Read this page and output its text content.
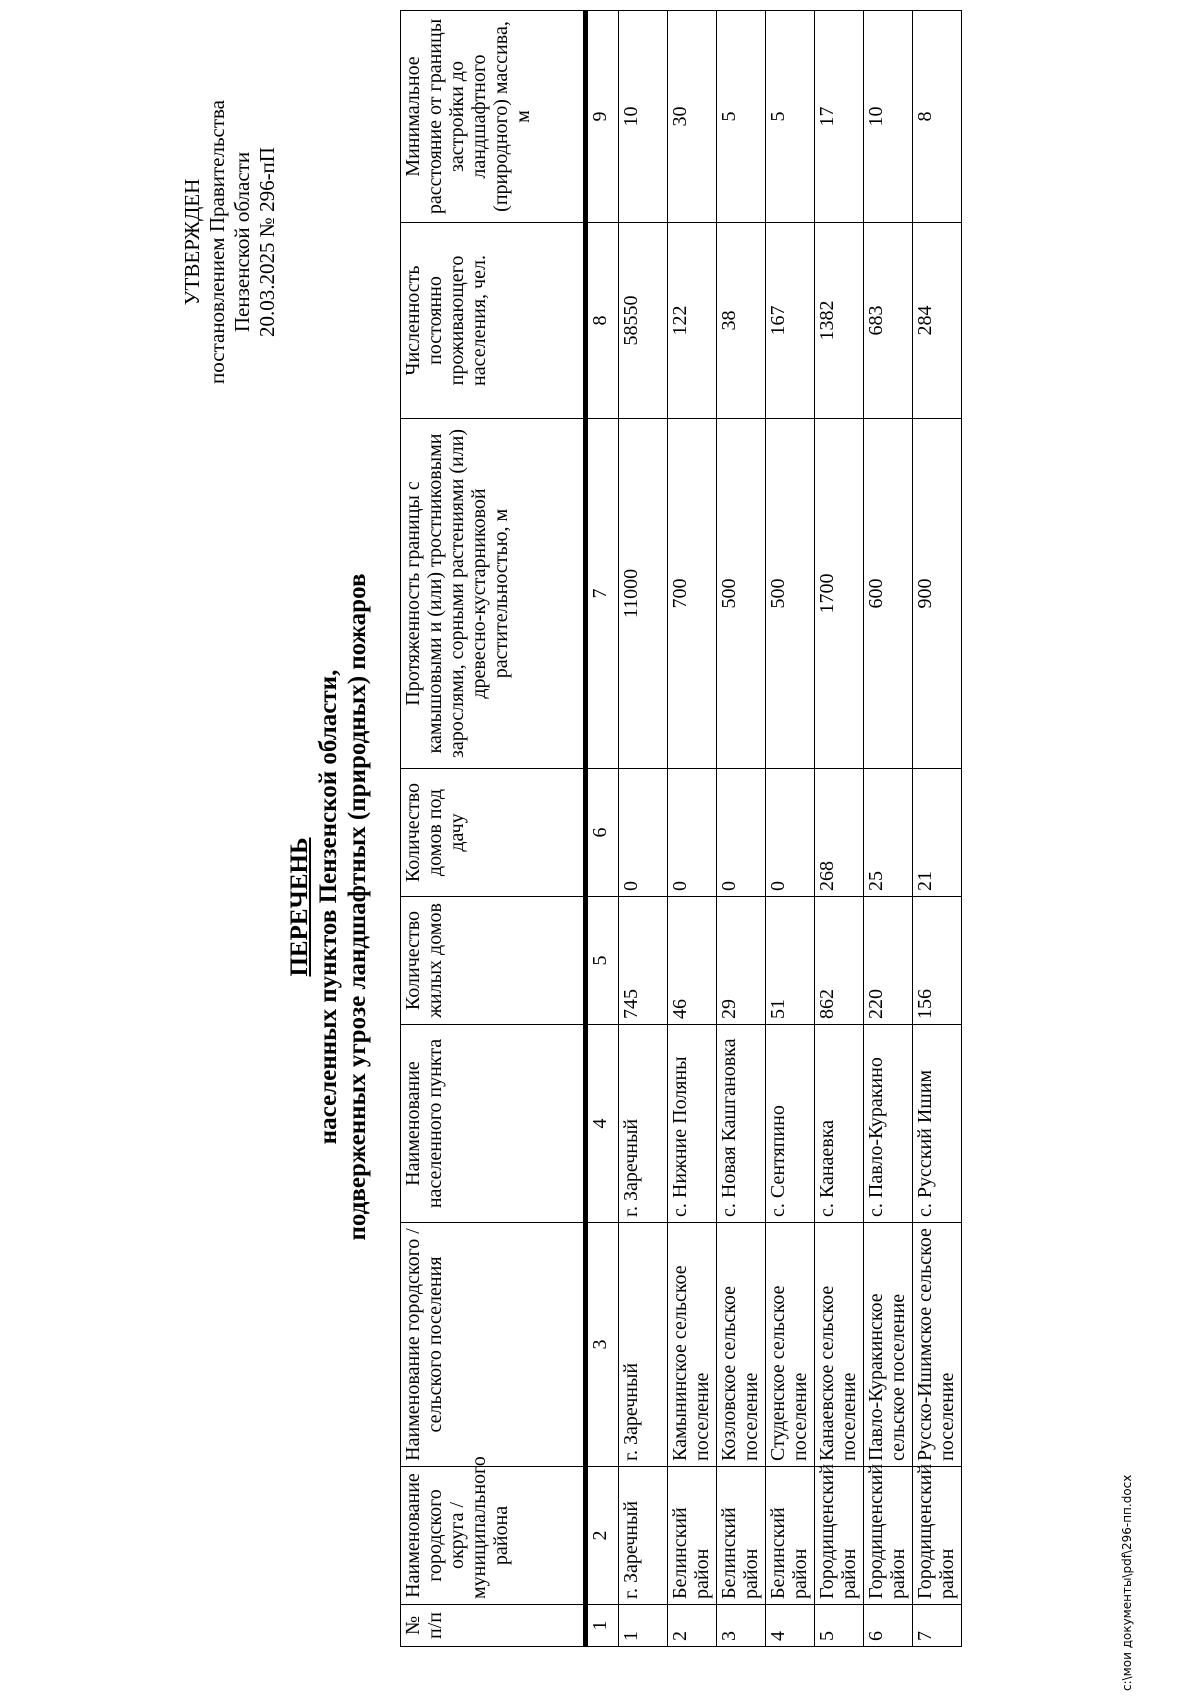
УТВЕРЖДЕН постановлением Правительства Пензенской области 20.03.2025 № 296-пП
ПЕРЕЧЕНЬ населенных пунктов Пензенской области, подверженных угрозе ландшафтных (природных) пожаров
№ п/п	Наименование городского округа / муниципального района	Наименование городского / сельского поселения	Наименование населенного пункта	Количество жилых домов	Количество домов под дачу	Протяженность границы с камышовыми и (или) тростниковыми зарослями, сорными растениями (или) древесно-кустарниковой растительностью, м	Численность постоянно проживающего населения, чел.	Минимальное расстояние от границы застройки до ландшафтного (природного) массива, м
1	2	3	4	5	6	7	8	9
1	г. Заречный	г. Заречный	г. Заречный	745	0	11000	58550	10
2	Белинский район	Камынинское сельское поселение	с. Нижние Поляны	46	0	700	122	30
3	Белинский район	Козловское сельское поселение	с. Новая Кашгановка	29	0	500	38	5
4	Белинский район	Студенское сельское поселение	с. Сентяпино	51	0	500	167	5
5	Городищенский район	Канаевское сельское поселение	с. Канаевка	862	268	1700	1382	17
6	Городищенский район	Павло-Куракинское сельское поселение	с. Павло-Куракино	220	25	600	683	10
7	Городищенский район	Русско-Ишимское сельское поселение	с. Русский Ишим	156	21	900	284	8
c:\мои документы\pdf\296-пп.docx
